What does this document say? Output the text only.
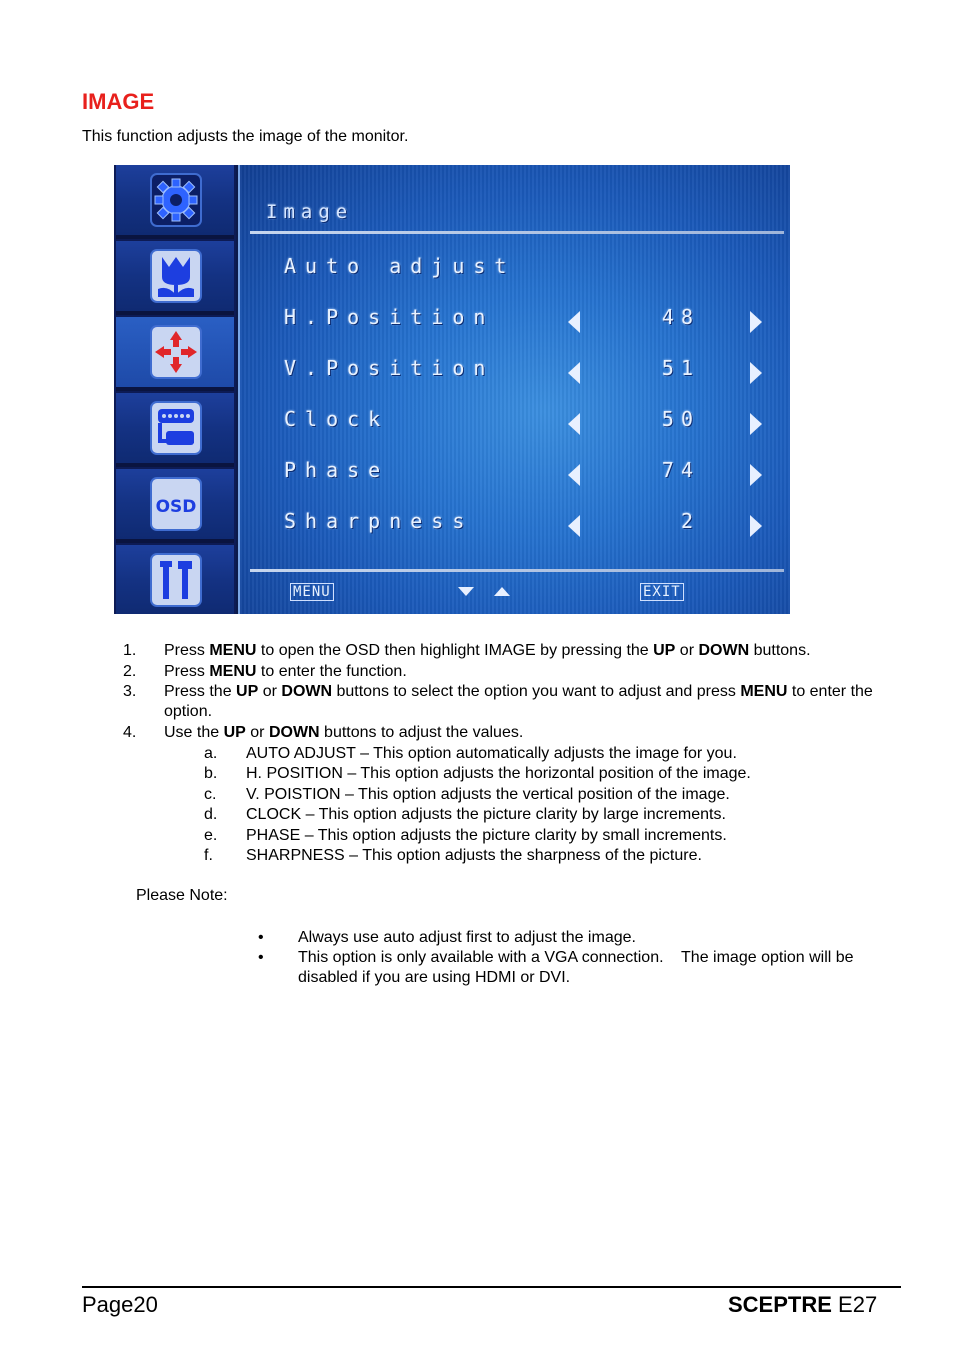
IMAGE
This function adjusts the image of the monitor.
OSD
Image
Auto adjust
H.Position	48
V.Position	51
Clock	50
Phase	74
Sharpness	2
MENU	EXIT
1. Press MENU to open the OSD then highlight IMAGE by pressing the UP or DOWN buttons.
2. Press MENU to enter the function.
3. Press the UP or DOWN buttons to select the option you want to adjust and press MENU to enter the option.
4. Use the UP or DOWN buttons to adjust the values.
a. AUTO ADJUST – This option automatically adjusts the image for you.
b. H. POSITION – This option adjusts the horizontal position of the image.
c. V. POISTION – This option adjusts the vertical position of the image.
d. CLOCK – This option adjusts the picture clarity by large increments.
e. PHASE – This option adjusts the picture clarity by small increments.
f. SHARPNESS – This option adjusts the sharpness of the picture.
Please Note:
• Always use auto adjust first to adjust the image.
• This option is only available with a VGA connection.    The image option will be disabled if you are using HDMI or DVI.
Page20	SCEPTRE E27
